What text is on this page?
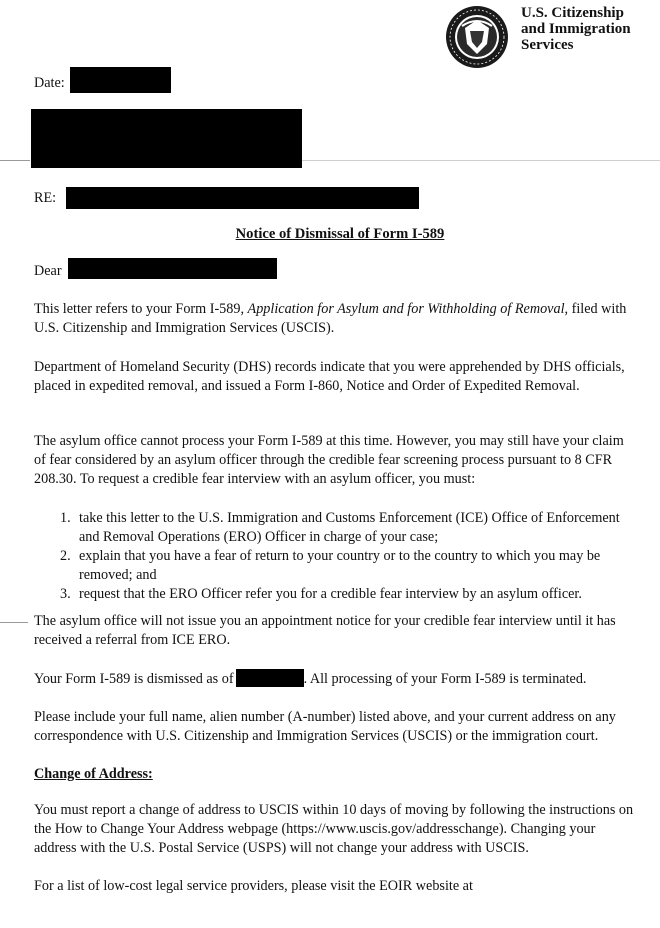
U.S. Citizenship
and Immigration
Services
Date:
RE:
Notice of Dismissal of Form I-589
Dear
This letter refers to your Form I-589, Application for Asylum and for Withholding of Removal, filed with U.S. Citizenship and Immigration Services (USCIS).
Department of Homeland Security (DHS) records indicate that you were apprehended by DHS officials, placed in expedited removal, and issued a Form I-860, Notice and Order of Expedited Removal.
The asylum office cannot process your Form I-589 at this time. However, you may still have your claim of fear considered by an asylum officer through the credible fear screening process pursuant to 8 CFR 208.30. To request a credible fear interview with an asylum officer, you must:
1. take this letter to the U.S. Immigration and Customs Enforcement (ICE) Office of Enforcement and Removal Operations (ERO) Officer in charge of your case;
2. explain that you have a fear of return to your country or to the country to which you may be removed; and
3. request that the ERO Officer refer you for a credible fear interview by an asylum officer.
The asylum office will not issue you an appointment notice for your credible fear interview until it has received a referral from ICE ERO.
Your Form I-589 is dismissed as of	. All processing of your Form I-589 is terminated.
Please include your full name, alien number (A-number) listed above, and your current address on any correspondence with U.S. Citizenship and Immigration Services (USCIS) or the immigration court.
Change of Address:
You must report a change of address to USCIS within 10 days of moving by following the instructions on the How to Change Your Address webpage (https://www.uscis.gov/addresschange). Changing your address with the U.S. Postal Service (USPS) will not change your address with USCIS.
For a list of low-cost legal service providers, please visit the EOIR website at
